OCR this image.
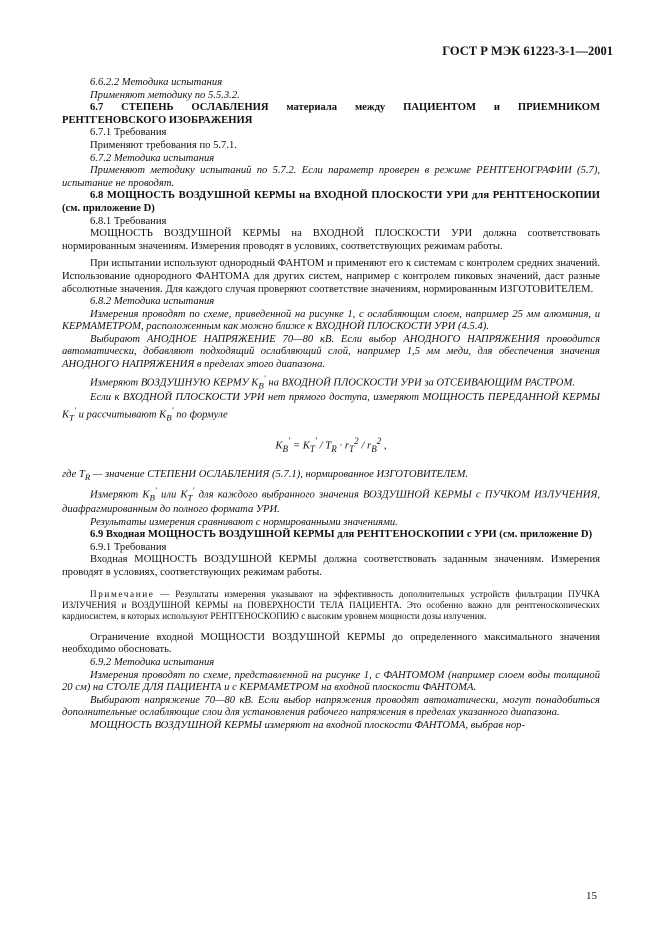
ГОСТ Р МЭК 61223-3-1—2001

6.6.2.2 Методика испытания

Применяют методику по 5.5.3.2.

6.7 СТЕПЕНЬ ОСЛАБЛЕНИЯ материала между ПАЦИЕНТОМ и ПРИЕМНИКОМ РЕНТГЕНОВСКОГО ИЗОБРАЖЕНИЯ

6.7.1 Требования

Применяют требования по 5.7.1.

6.7.2 Методика испытания

Применяют методику испытаний по 5.7.2. Если параметр проверен в режиме РЕНТГЕНОГРАФИИ (5.7), испытание не проводят.

6.8 МОЩНОСТЬ ВОЗДУШНОЙ КЕРМЫ на ВХОДНОЙ ПЛОСКОСТИ УРИ для РЕНТГЕНОСКОПИИ (см. приложение D)

6.8.1 Требования

МОЩНОСТЬ ВОЗДУШНОЙ КЕРМЫ на ВХОДНОЙ ПЛОСКОСТИ УРИ должна соответствовать нормированным значениям. Измерения проводят в условиях, соответствующих режимам работы.

При испытании используют однородный ФАНТОМ и применяют его к системам с контролем средних значений. Использование однородного ФАНТОМА для других систем, например с контролем пиковых значений, даст разные абсолютные значения. Для каждого случая проверяют соответствие значениям, нормированным ИЗГОТОВИТЕЛЕМ.

6.8.2 Методика испытания

Измерения проводят по схеме, приведенной на рисунке 1, с ослабляющим слоем, например 25 мм алюминия, и КЕРМАМЕТРОМ, расположенным как можно ближе к ВХОДНОЙ ПЛОСКОСТИ УРИ (4.5.4).

Выбирают АНОДНОЕ НАПРЯЖЕНИЕ 70—80 кВ. Если выбор АНОДНОГО НАПРЯЖЕНИЯ проводится автоматически, добавляют подходящий ослабляющий слой, например 1,5 мм меди, для обеспечения значения АНОДНОГО НАПРЯЖЕНИЯ в пределах этого диапазона.

Измеряют ВОЗДУШНУЮ КЕРМУ $K_B'$ на ВХОДНОЙ ПЛОСКОСТИ УРИ за ОТСЕИВАЮЩИМ РАСТРОМ.

Если к ВХОДНОЙ ПЛОСКОСТИ УРИ нет прямого доступа, измеряют МОЩНОСТЬ ПЕРЕДАННОЙ КЕРМЫ $K_T'$ и рассчитывают $K_B'$ по формуле

$K_B' = K_T' / T_R \cdot r_T^2 / r_B^2$ ,

где $T_R$ — значение СТЕПЕНИ ОСЛАБЛЕНИЯ (5.7.1), нормированное ИЗГОТОВИТЕЛЕМ.

Измеряют $K_B'$ или $K_T'$ для каждого выбранного значения ВОЗДУШНОЙ КЕРМЫ с ПУЧКОМ ИЗЛУЧЕНИЯ, диафрагмированным до полного формата УРИ.

Результаты измерения сравнивают с нормированными значениями.

6.9 Входная МОЩНОСТЬ ВОЗДУШНОЙ КЕРМЫ для РЕНТГЕНОСКОПИИ с УРИ (см. приложение D)

6.9.1 Требования

Входная МОЩНОСТЬ ВОЗДУШНОЙ КЕРМЫ должна соответствовать заданным значениям. Измерения проводят в условиях, соответствующих режимам работы.

Примечание — Результаты измерения указывают на эффективность дополнительных устройств фильтрации ПУЧКА ИЗЛУЧЕНИЯ и ВОЗДУШНОЙ КЕРМЫ на ПОВЕРХНОСТИ ТЕЛА ПАЦИЕНТА. Это особенно важно для рентгеноскопических кардиосистем, в которых используют РЕНТГЕНОСКОПИЮ с высоким уровнем мощности дозы излучения.

Ограничение входной МОЩНОСТИ ВОЗДУШНОЙ КЕРМЫ до определенного максимального значения необходимо обосновать.

6.9.2 Методика испытания

Измерения проводят по схеме, представленной на рисунке 1, с ФАНТОМОМ (например слоем воды толщиной 20 см) на СТОЛЕ ДЛЯ ПАЦИЕНТА и с КЕРМАМЕТРОМ на входной плоскости ФАНТОМА.

Выбирают напряжение 70—80 кВ. Если выбор напряжения проводят автоматически, могут понадобиться дополнительные ослабляющие слои для установления рабочего напряжения в пределах указанного диапазона.

МОЩНОСТЬ ВОЗДУШНОЙ КЕРМЫ измеряют на входной плоскости ФАНТОМА, выбрав нор-

15
